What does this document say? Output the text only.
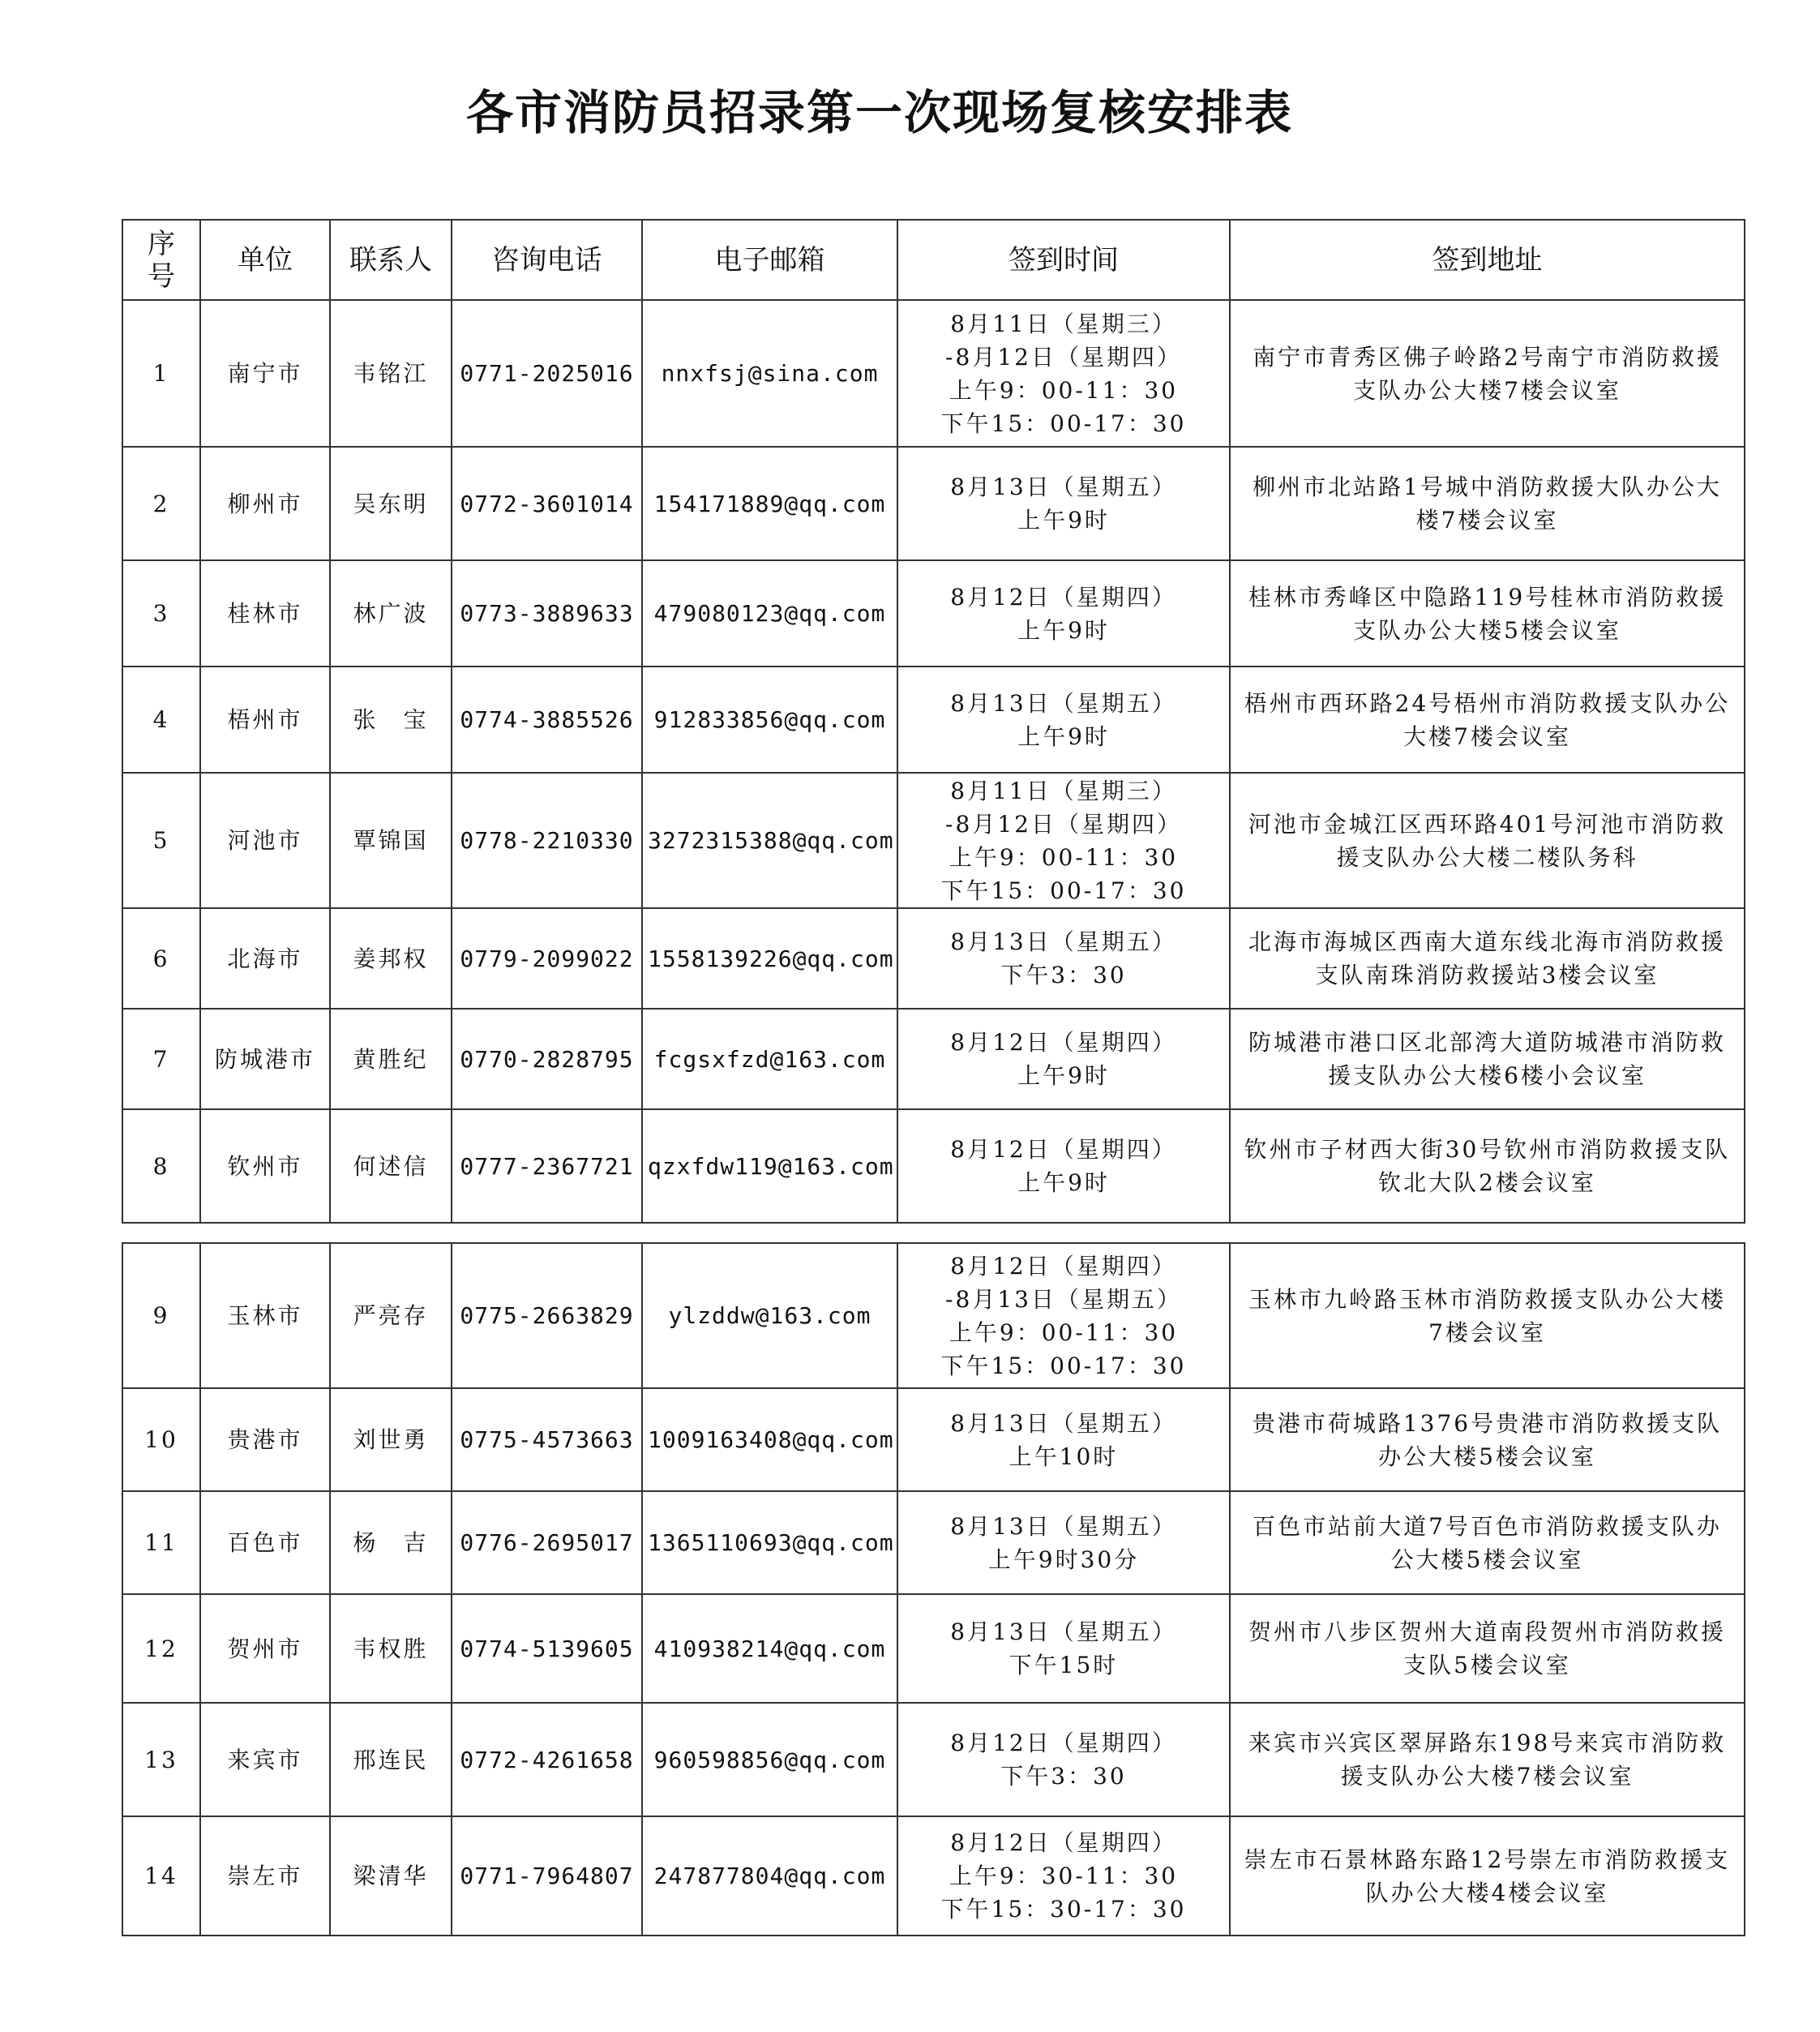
各市消防员招录第一次现场复核安排表
序号	单位	联系人	咨询电话	电子邮箱	签到时间	签到地址
1	南宁市	韦铭江	0771-2025016	nnxfsj@sina.com	8月11日（星期三）
-8月12日（星期四）
上午9：00-11：30
下午15：00-17：30	南宁市青秀区佛子岭路2号南宁市消防救援支队办公大楼7楼会议室
2	柳州市	吴东明	0772-3601014	154171889@qq.com	8月13日（星期五）
上午9时	柳州市北站路1号城中消防救援大队办公大楼7楼会议室
3	桂林市	林广波	0773-3889633	479080123@qq.com	8月12日（星期四）
上午9时	桂林市秀峰区中隐路119号桂林市消防救援支队办公大楼5楼会议室
4	梧州市	张　宝	0774-3885526	912833856@qq.com	8月13日（星期五）
上午9时	梧州市西环路24号梧州市消防救援支队办公大楼7楼会议室
5	河池市	覃锦国	0778-2210330	3272315388@qq.com	8月11日（星期三）
-8月12日（星期四）
上午9：00-11：30
下午15：00-17：30	河池市金城江区西环路401号河池市消防救援支队办公大楼二楼队务科
6	北海市	姜邦权	0779-2099022	1558139226@qq.com	8月13日（星期五）
下午3：30	北海市海城区西南大道东线北海市消防救援支队南珠消防救援站3楼会议室
7	防城港市	黄胜纪	0770-2828795	fcgsxfzd@163.com	8月12日（星期四）
上午9时	防城港市港口区北部湾大道防城港市消防救援支队办公大楼6楼小会议室
8	钦州市	何述信	0777-2367721	qzxfdw119@163.com	8月12日（星期四）
上午9时	钦州市子材西大街30号钦州市消防救援支队钦北大队2楼会议室
9	玉林市	严亮存	0775-2663829	ylzddw@163.com	8月12日（星期四）
-8月13日（星期五）
上午9：00-11：30
下午15：00-17：30	玉林市九岭路玉林市消防救援支队办公大楼7楼会议室
10	贵港市	刘世勇	0775-4573663	1009163408@qq.com	8月13日（星期五）
上午10时	贵港市荷城路1376号贵港市消防救援支队办公大楼5楼会议室
11	百色市	杨　吉	0776-2695017	1365110693@qq.com	8月13日（星期五）
上午9时30分	百色市站前大道7号百色市消防救援支队办公大楼5楼会议室
12	贺州市	韦权胜	0774-5139605	410938214@qq.com	8月13日（星期五）
下午15时	贺州市八步区贺州大道南段贺州市消防救援支队5楼会议室
13	来宾市	邢连民	0772-4261658	960598856@qq.com	8月12日（星期四）
下午3：30	来宾市兴宾区翠屏路东198号来宾市消防救援支队办公大楼7楼会议室
14	崇左市	梁清华	0771-7964807	247877804@qq.com	8月12日（星期四）
上午9：30-11：30
下午15：30-17：30	崇左市石景林路东路12号崇左市消防救援支队办公大楼4楼会议室
